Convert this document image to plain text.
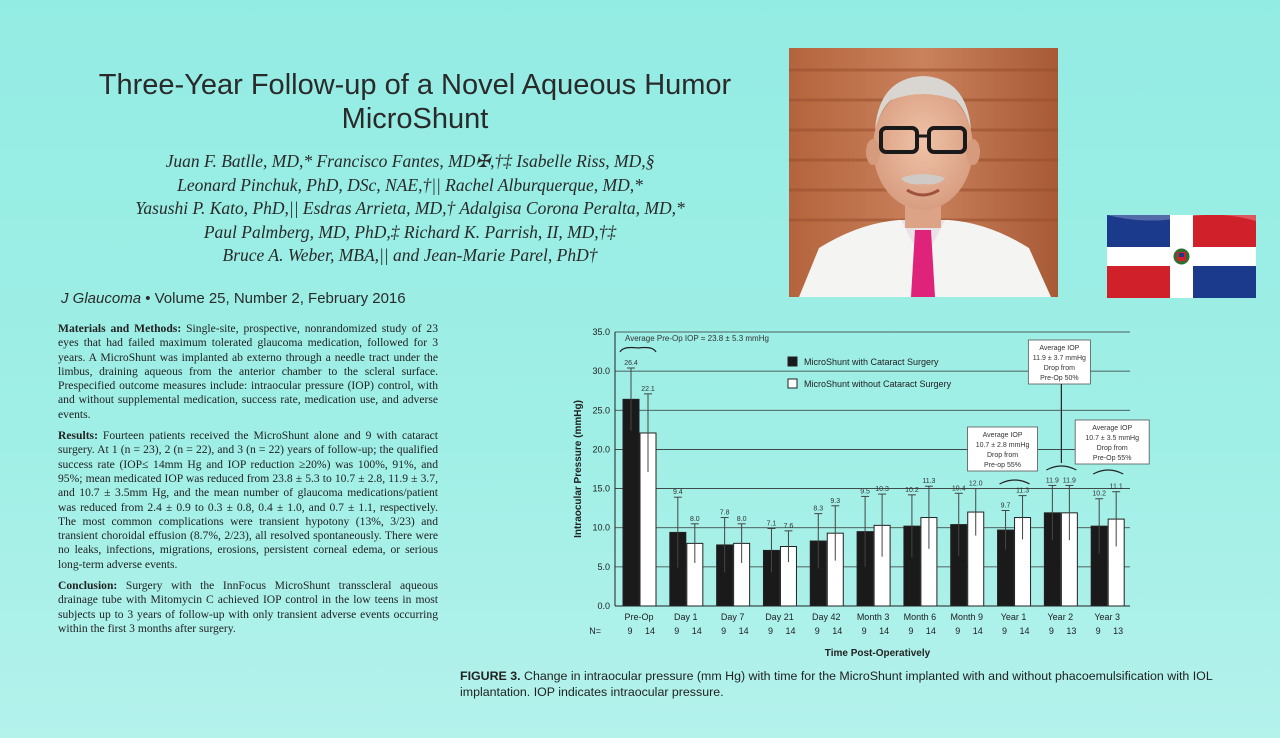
Three-Year Follow-up of a Novel Aqueous Humor
MicroShunt
Juan F. Batlle, MD,* Francisco Fantes, MD✠,†‡ Isabelle Riss, MD,§
Leonard Pinchuk, PhD, DSc, NAE,†|| Rachel Alburquerque, MD,*
Yasushi P. Kato, PhD,|| Esdras Arrieta, MD,† Adalgisa Corona Peralta, MD,*
Paul Palmberg, MD, PhD,‡ Richard K. Parrish, II, MD,†‡
Bruce A. Weber, MBA,|| and Jean-Marie Parel, PhD†
J Glaucoma • Volume 25, Number 2, February 2016

Materials and Methods: Single-site, prospective, nonrandomized study of 23 eyes that had failed maximum tolerated glaucoma medication, followed for 3 years. A MicroShunt was implanted ab externo through a needle tract under the limbus, draining aqueous from the anterior chamber to the scleral surface. Prespecified outcome measures include: intraocular pressure (IOP) control, with and without supplemental medication, success rate, medication use, and adverse events.

Results: Fourteen patients received the MicroShunt alone and 9 with cataract surgery. At 1 (n = 23), 2 (n = 22), and 3 (n = 22) years of follow-up; the qualified success rate (IOP≤ 14mm Hg and IOP reduction ≥20%) was 100%, 91%, and 95%; mean medicated IOP was reduced from 23.8 ± 5.3 to 10.7 ± 2.8, 11.9 ± 3.7, and 10.7 ± 3.5mm Hg, and the mean number of glaucoma medications/patient was reduced from 2.4 ± 0.9 to 0.3 ± 0.8, 0.4 ± 1.0, and 0.7 ± 1.1, respectively. The most common complications were transient hypotony (13%, 3/23) and transient choroidal effusion (8.7%, 2/23), all resolved spontaneously. There were no leaks, infections, migrations, erosions, persistent corneal edema, or serious long-term adverse events.

Conclusion: Surgery with the InnFocus MicroShunt transscleral aqueous drainage tube with Mitomycin C achieved IOP control in the low teens in most subjects up to 3 years of follow-up with only transient adverse events occurring within the first 3 months after surgery.

0.0
5.0
10.0
15.0
20.0
25.0
30.0
35.0
Intraocular Pressure (mmHg)
26.4
22.1
Pre-Op
9 14
9.4
8.0
Day 1
9 14
7.8
8.0
Day 7
9 14
7.1 7.6
Day 21
9 14
8.3
9.3
Day 42
9 14
9.5 10.3
Month 3
9 14
10.2
11.3
Month 6
9 14
10.4
12.0
Month 9
9 14
9.7
11.3
Year 1
9 14
11.9 11.9
Year 2
9 13
10.2
11.1
Year 3
9 13
N=
Time Post-Operatively
MicroShunt with Cataract Surgery
MicroShunt without Cataract Surgery
Average Pre-Op IOP = 23.8 ± 5.3 mmHg
Average IOP
10.7 ± 2.8 mmHg
Drop from
Pre-op 55%
Average IOP
11.9 ± 3.7 mmHg
Drop from
Pre-Op 50%
Average IOP
10.7 ± 3.5 mmHg
Drop from
Pre-Op 55%
FIGURE 3. Change in intraocular pressure (mm Hg) with time for the MicroShunt implanted with and without phacoemulsification with IOL implantation. IOP indicates intraocular pressure.
